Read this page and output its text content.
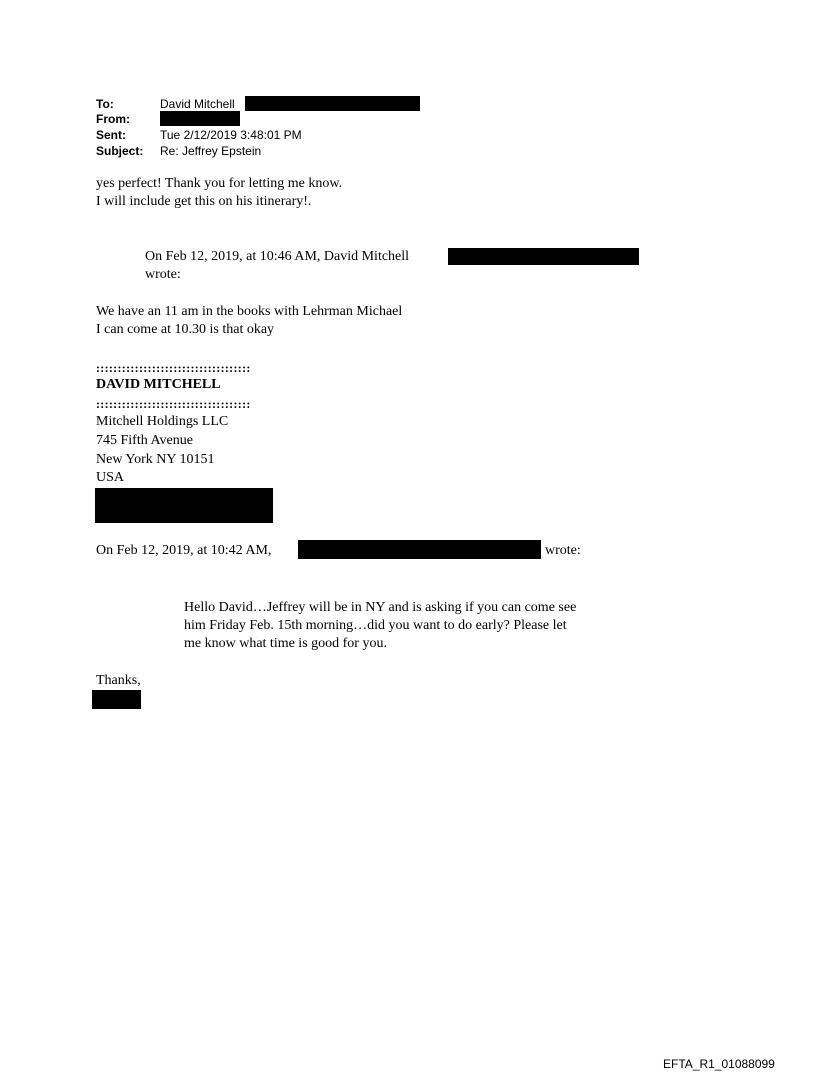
To:	David Mitchell
From:
Sent:	Tue 2/12/2019 3:48:01 PM
Subject: Re: Jeffrey Epstein
yes perfect! Thank you for letting me know.
I will include get this on his itinerary!.
On Feb 12, 2019, at 10:46 AM, David Mitchell
wrote:
We have an 11 am in the books with Lehrman Michael
I can come at 10.30 is that okay
::::::::::::::::::::::::::::::::::::
DAVID MITCHELL
::::::::::::::::::::::::::::::::::::
Mitchell Holdings LLC
745 Fifth Avenue
New York NY 10151
USA
On Feb 12, 2019, at 10:42 AM,	wrote:
Hello David…Jeffrey will be in NY and is asking if you can come see
him Friday Feb. 15th morning…did you want to do early? Please let
me know what time is good for you.
Thanks,
EFTA_R1_01088099
